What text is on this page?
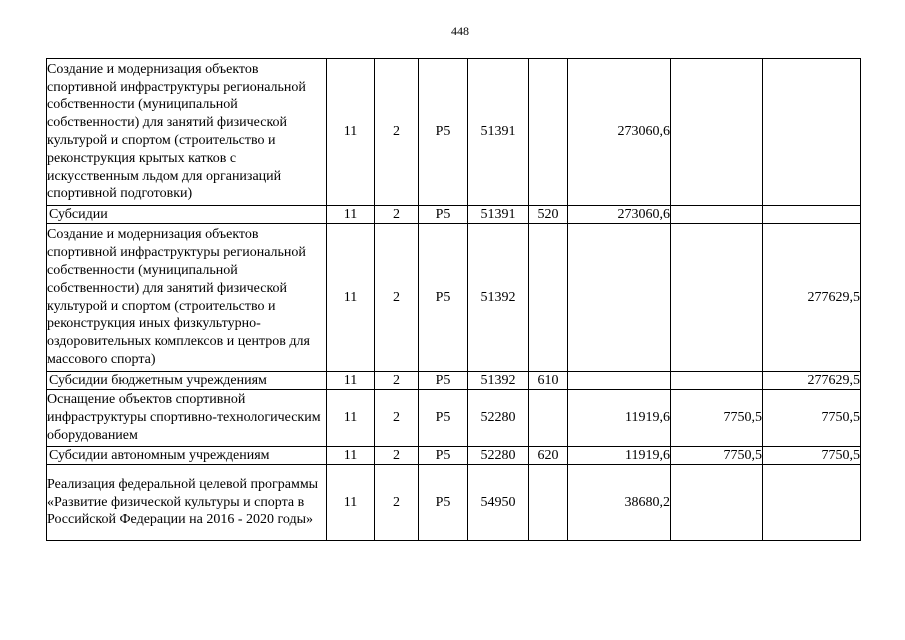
448
Создание и модернизация объектов спортивной инфраструктуры региональной собственности (муниципальной собственности) для занятий физической культурой и спортом (строительство и реконструкция крытых катков с искусственным льдом для организаций спортивной подготовки)	11	2	Р5	51391		273060,6		
Субсидии	11	2	Р5	51391	520	273060,6		
Создание и модернизация объектов спортивной инфраструктуры региональной собственности (муниципальной собственности) для занятий физической культурой и спортом (строительство и реконструкция иных физкультурно-оздоровительных комплексов и центров для массового спорта)	11	2	Р5	51392				277629,5
Субсидии бюджетным учреждениям	11	2	Р5	51392	610			277629,5
Оснащение объектов спортивной инфраструктуры спортивно-технологическим оборудованием	11	2	Р5	52280		11919,6	7750,5	7750,5
Субсидии автономным учреждениям	11	2	Р5	52280	620	11919,6	7750,5	7750,5
Реализация федеральной целевой программы «Развитие физической культуры и спорта в Российской Федерации на 2016 - 2020 годы»	11	2	Р5	54950		38680,2		
